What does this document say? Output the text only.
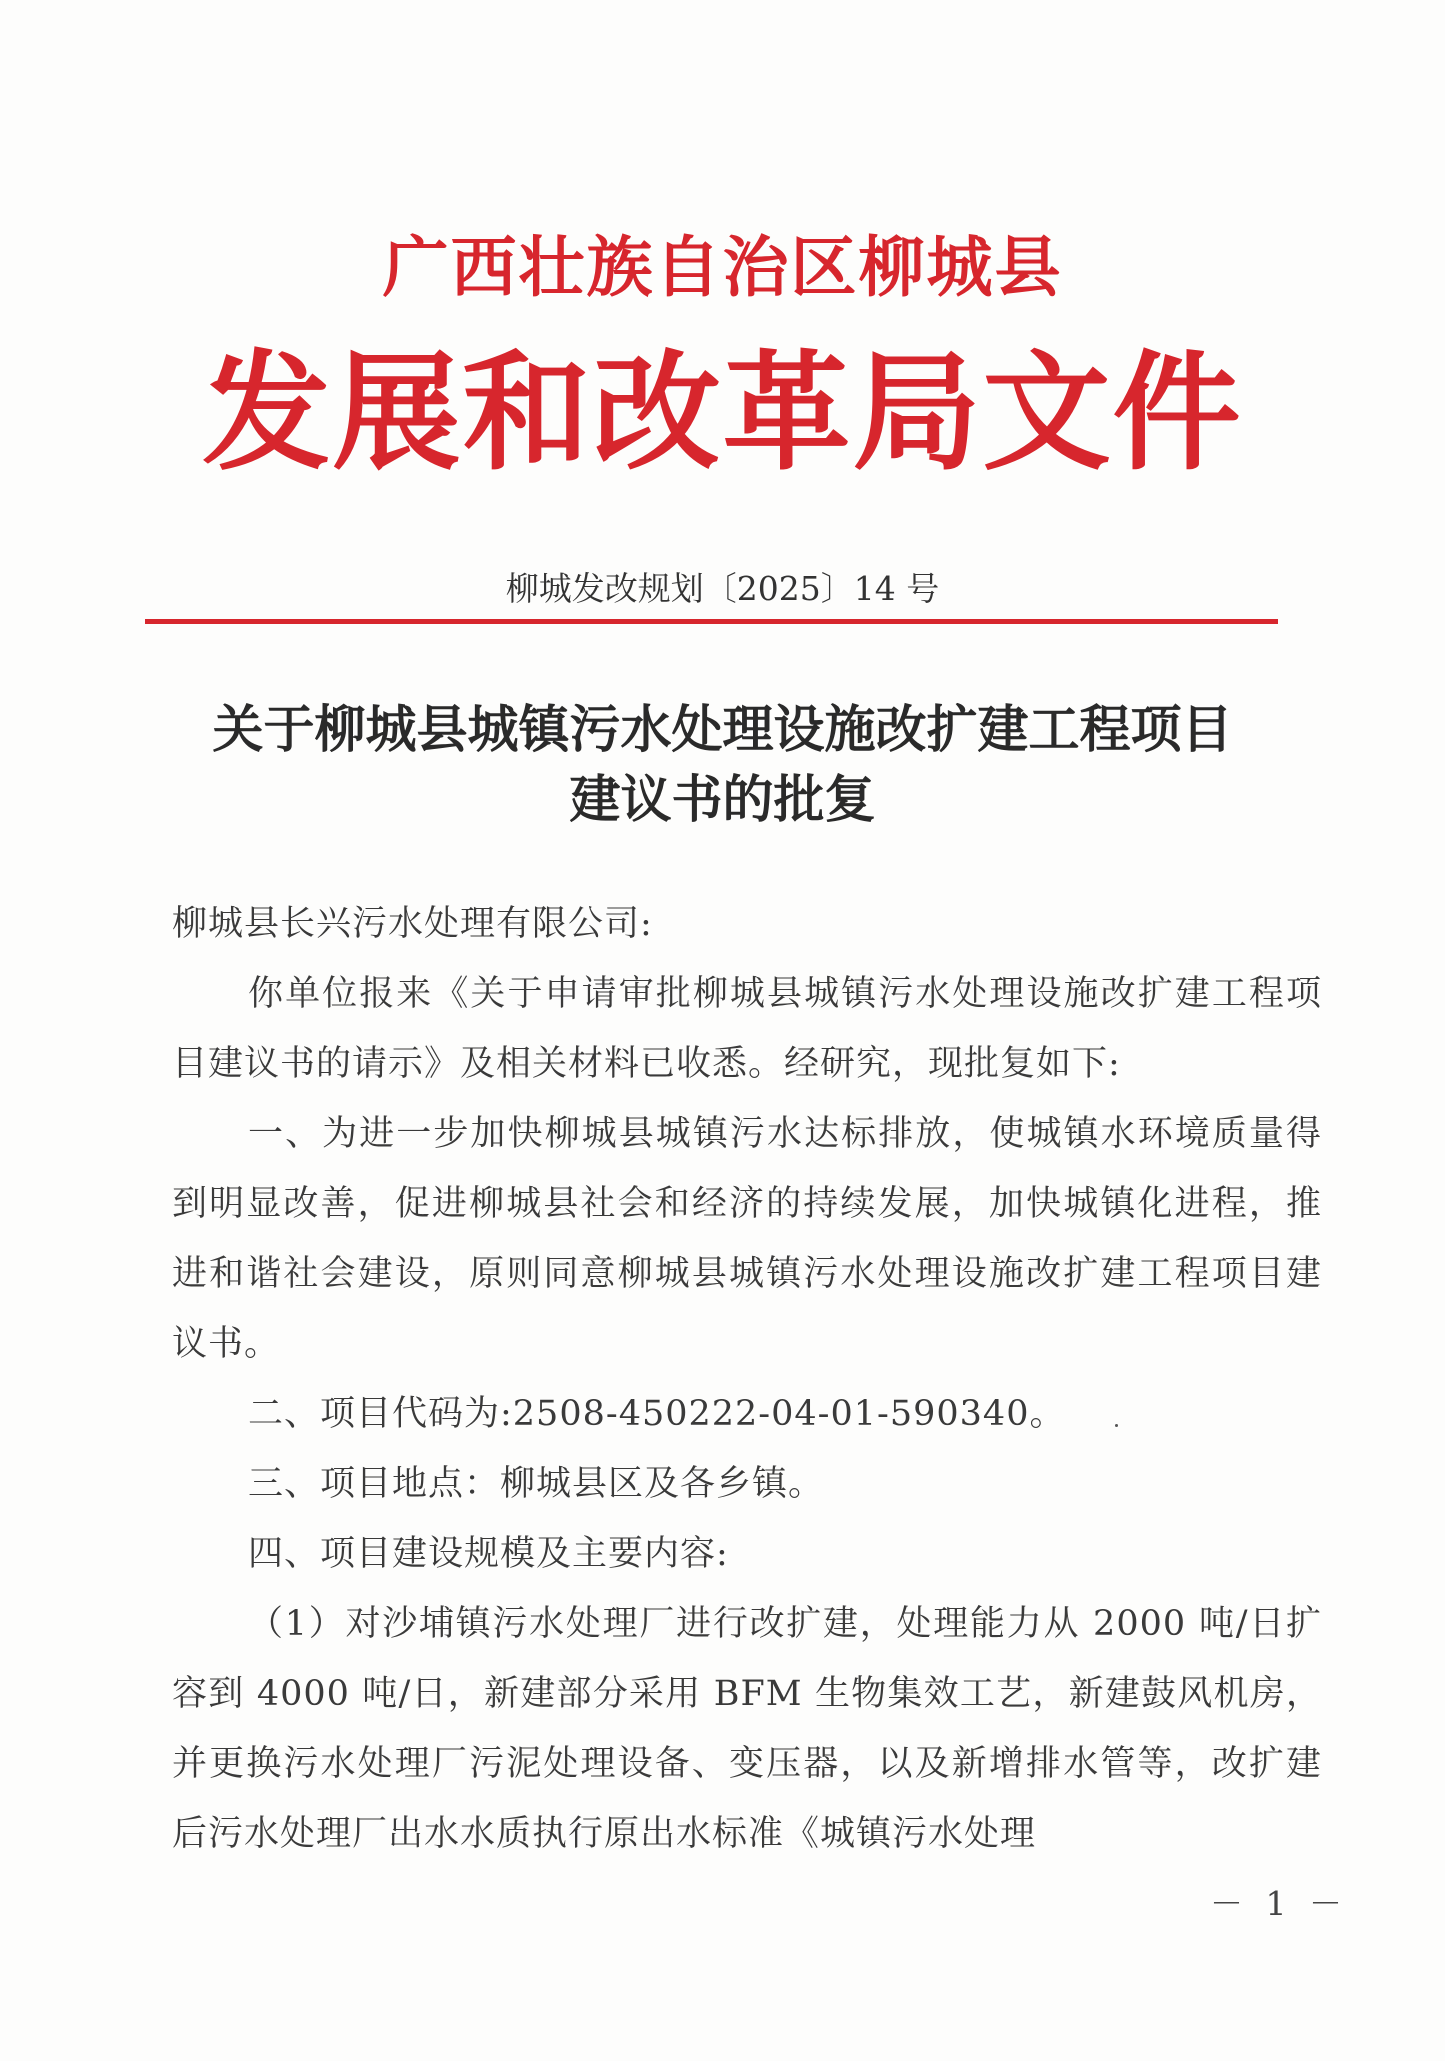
广西壮族自治区柳城县
发展和改革局文件
柳城发改规划〔2025〕14 号
关于柳城县城镇污水处理设施改扩建工程项目
建议书的批复

柳城县长兴污水处理有限公司:

你单位报来《关于申请审批柳城县城镇污水处理设施改扩建工程项目建议书的请示》及相关材料已收悉。经研究，现批复如下:

一、为进一步加快柳城县城镇污水达标排放，使城镇水环境质量得到明显改善，促进柳城县社会和经济的持续发展，加快城镇化进程，推进和谐社会建设，原则同意柳城县城镇污水处理设施改扩建工程项目建议书。

二、项目代码为:2508-450222-04-01-590340。

三、项目地点：柳城县区及各乡镇。

四、项目建设规模及主要内容:

（1）对沙埔镇污水处理厂进行改扩建，处理能力从 2000 吨/日扩容到 4000 吨/日，新建部分采用 BFM 生物集效工艺，新建鼓风机房，并更换污水处理厂污泥处理设备、变压器，以及新增排水管等，改扩建后污水处理厂出水水质执行原出水标准《城镇污水处理

－ 1 －
